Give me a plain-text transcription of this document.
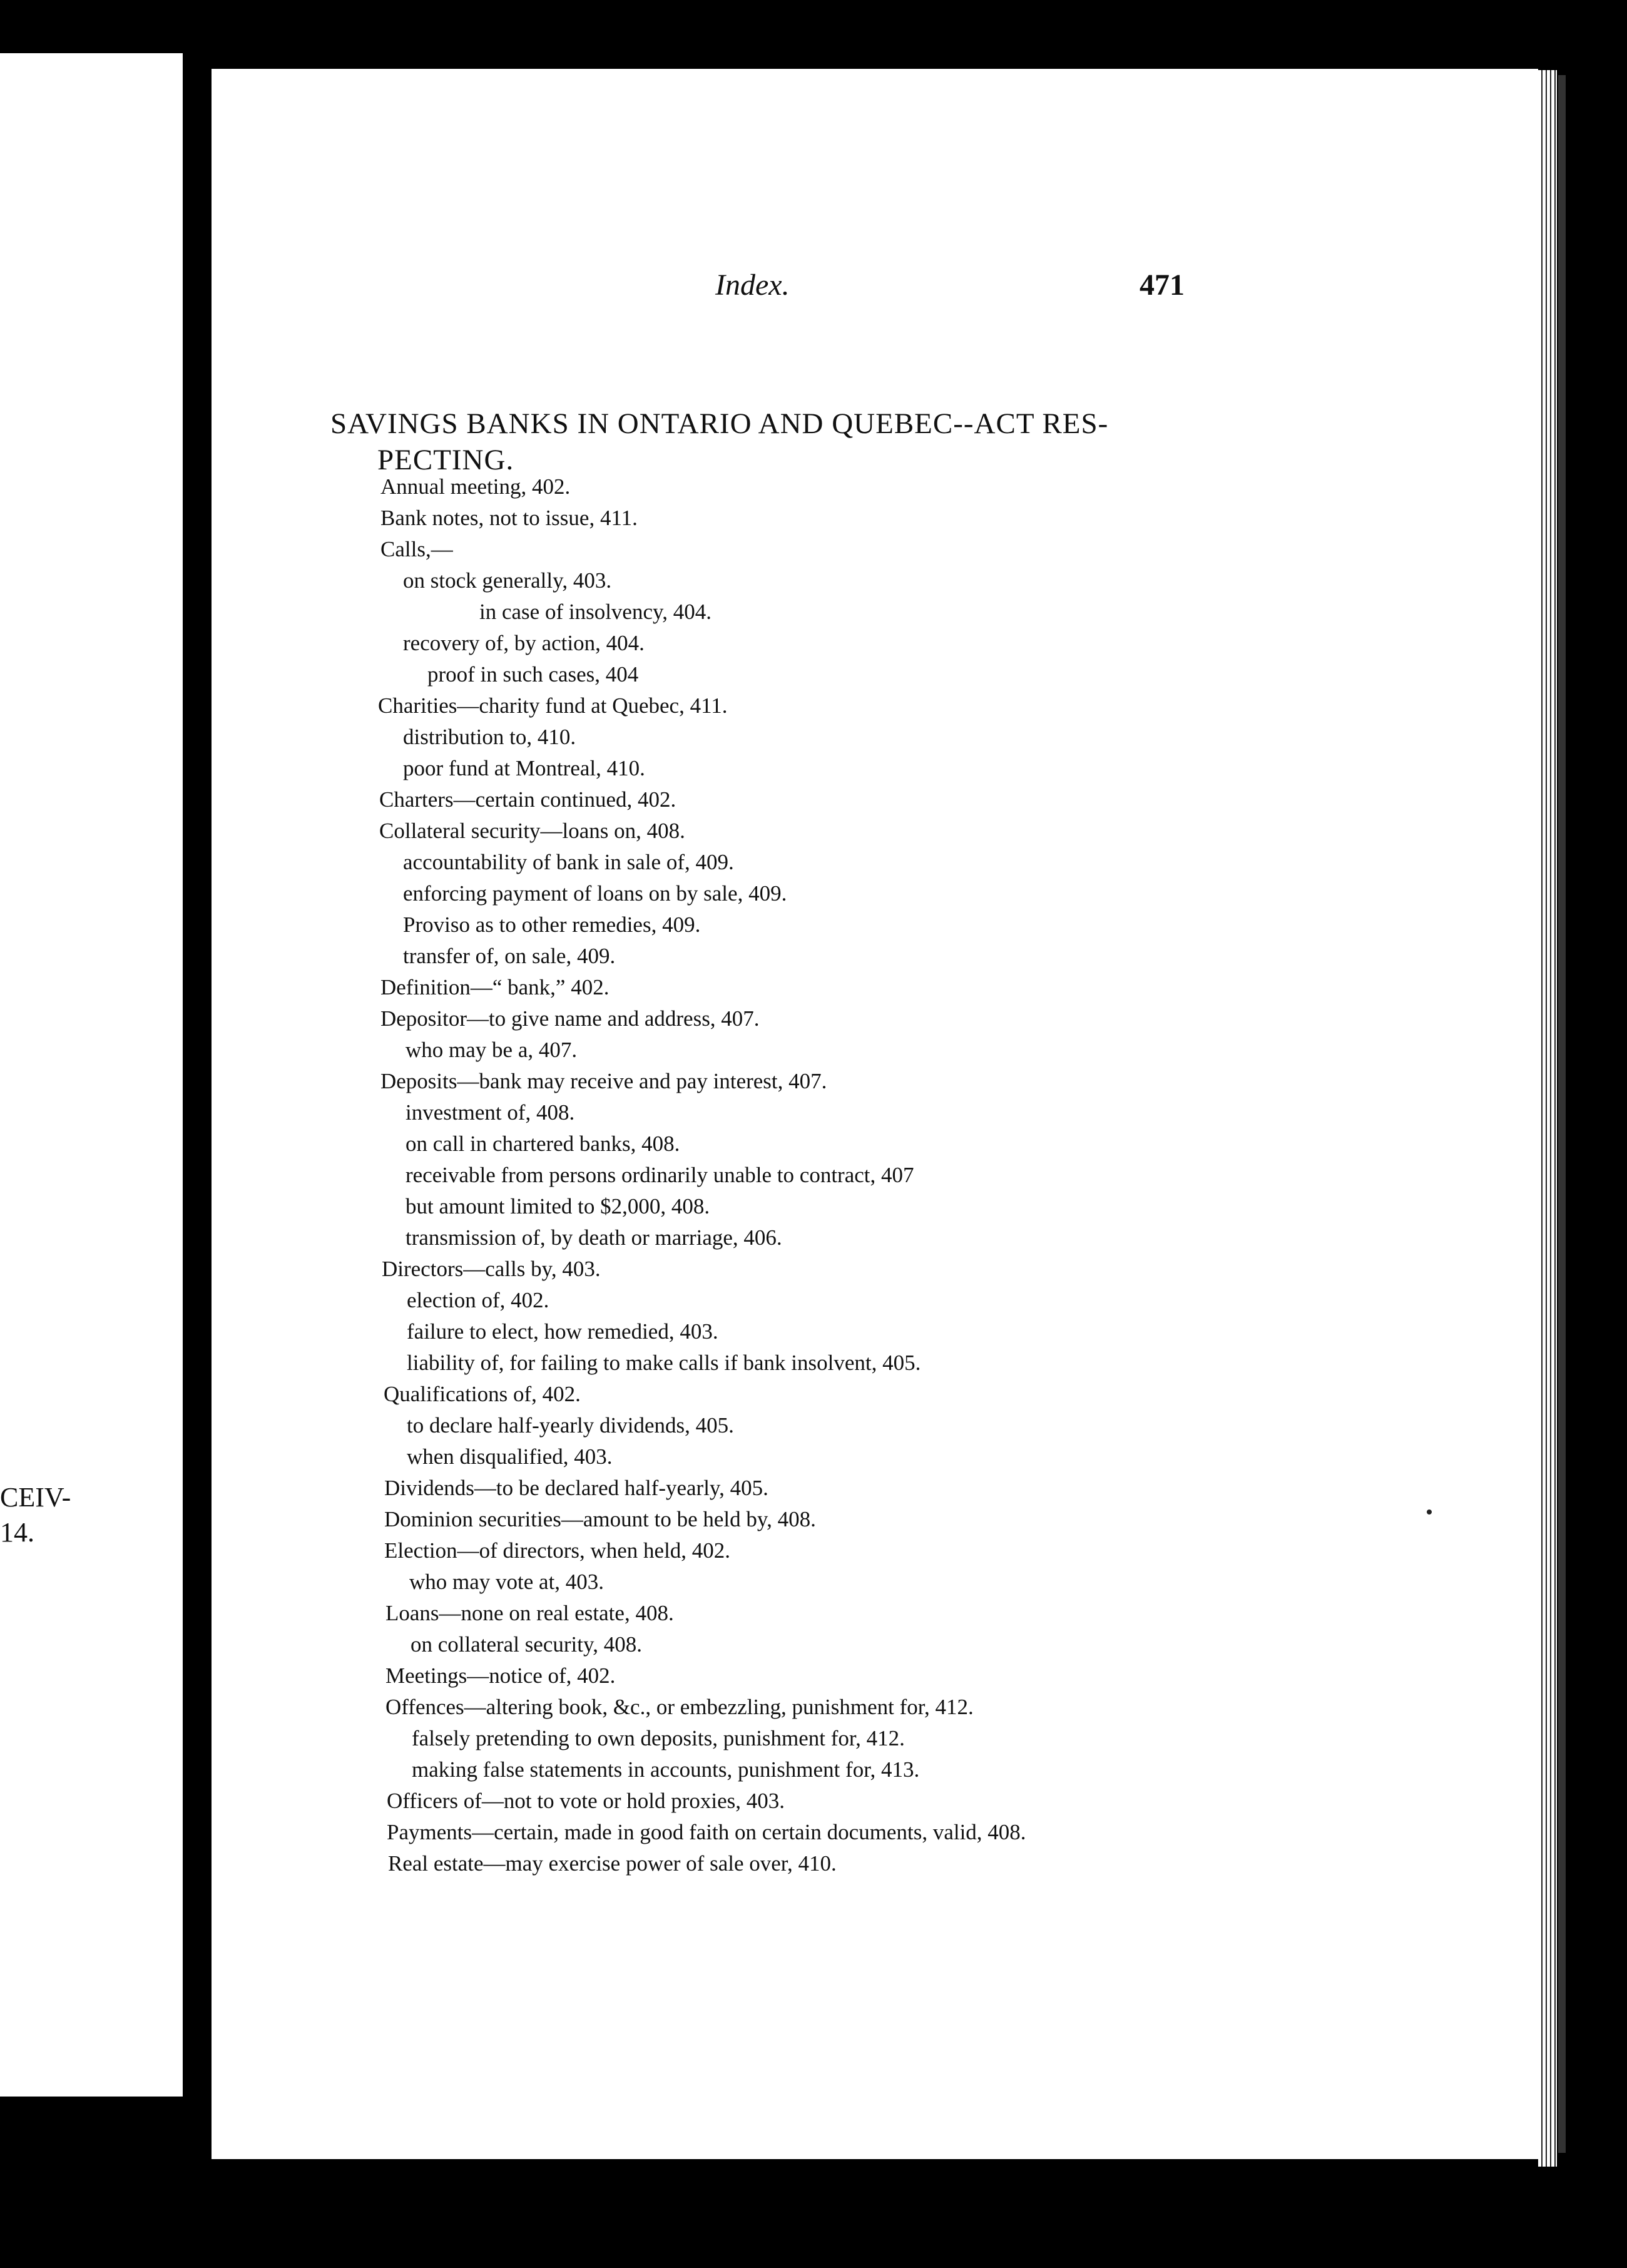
CEIV-
14.
Index.	471
SAVINGS BANKS IN ONTARIO AND QUEBEC--ACT RES-
PECTING.
Annual meeting, 402.
Bank notes, not to issue, 411.
Calls,—
on stock generally, 403.
in case of insolvency, 404.
recovery of, by action, 404.
proof in such cases, 404
Charities—charity fund at Quebec, 411.
distribution to, 410.
poor fund at Montreal, 410.
Charters—certain continued, 402.
Collateral security—loans on, 408.
accountability of bank in sale of, 409.
enforcing payment of loans on by sale, 409.
Proviso as to other remedies, 409.
transfer of, on sale, 409.
Definition—“ bank,” 402.
Depositor—to give name and address, 407.
who may be a, 407.
Deposits—bank may receive and pay interest, 407.
investment of, 408.
on call in chartered banks, 408.
receivable from persons ordinarily unable to contract, 407
but amount limited to $2,000, 408.
transmission of, by death or marriage, 406.
Directors—calls by, 403.
election of, 402.
failure to elect, how remedied, 403.
liability of, for failing to make calls if bank insolvent, 405.
Qualifications of, 402.
to declare half-yearly dividends, 405.
when disqualified, 403.
Dividends—to be declared half-yearly, 405.
Dominion securities—amount to be held by, 408.
Election—of directors, when held, 402.
who may vote at, 403.
Loans—none on real estate, 408.
on collateral security, 408.
Meetings—notice of, 402.
Offences—altering book, &c., or embezzling, punishment for, 412.
falsely pretending to own deposits, punishment for, 412.
making false statements in accounts, punishment for, 413.
Officers of—not to vote or hold proxies, 403.
Payments—certain, made in good faith on certain documents, valid, 408.
Real estate—may exercise power of sale over, 410.
